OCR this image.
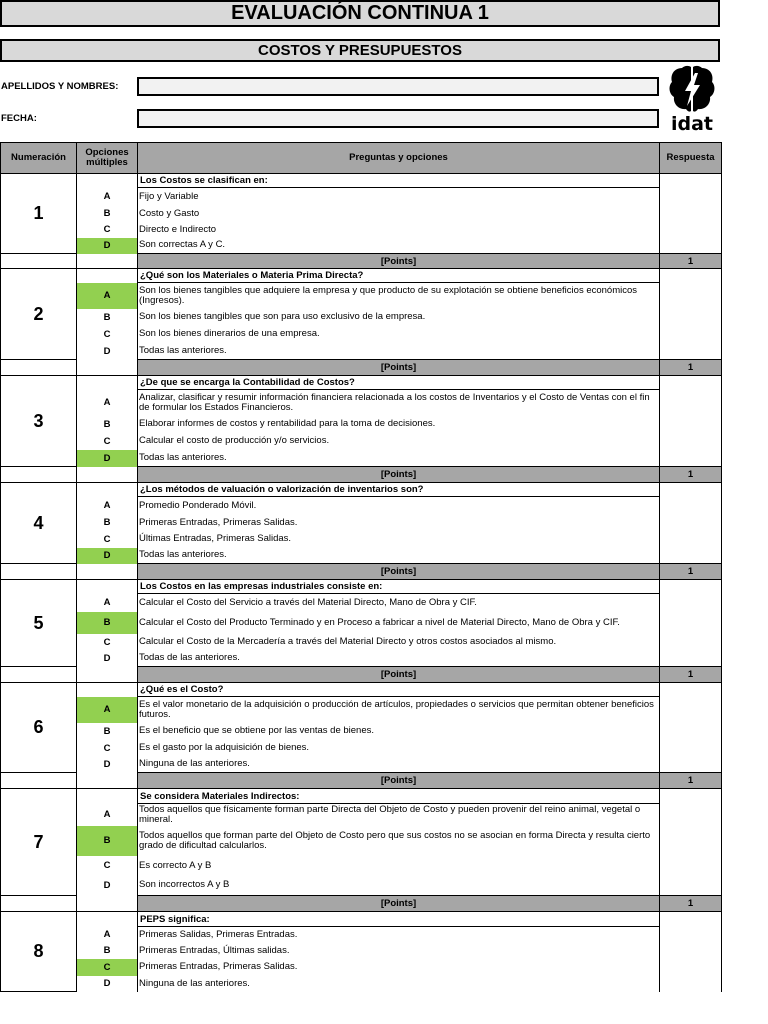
EVALUACIÓN CONTINUA 1
COSTOS Y PRESUPUESTOS
APELLIDOS Y NOMBRES:
FECHA:	idat
Numeración	Opciones múltiples	Preguntas y opciones	Respuesta
1		Los Costos se clasifican en:	
	A	Fijo y Variable	
	B	Costo y Gasto	
	C	Directo e Indirecto	
	D	Son correctas A y C.	
		[Points]	1
2		¿Qué son los Materiales o Materia Prima Directa?	
	A	Son los bienes tangibles que adquiere la empresa y que producto de su explotación se obtiene beneficios económicos (Ingresos).	
	B	Son los bienes tangibles que son para uso exclusivo de la empresa.	
	C	Son los bienes dinerarios de una empresa.	
	D	Todas las anteriores.	
		[Points]	1
3		¿De que se encarga la Contabilidad de Costos?	
	A	Analizar, clasificar y resumir información financiera relacionada a los costos de Inventarios y el Costo de Ventas con el fin de formular los Estados Financieros.	
	B	Elaborar informes de costos y rentabilidad para la toma de decisiones.	
	C	Calcular el costo de producción y/o servicios.	
	D	Todas las anteriores.	
		[Points]	1
4		¿Los métodos de valuación o valorización de inventarios son?	
	A	Promedio Ponderado Móvil.	
	B	Primeras Entradas, Primeras Salidas.	
	C	Últimas Entradas, Primeras Salidas.	
	D	Todas las anteriores.	
		[Points]	1
5		Los Costos en las empresas industriales consiste en:	
	A	Calcular el Costo del Servicio a través del Material Directo, Mano de Obra y CIF.	
	B	Calcular el Costo del Producto Terminado y en Proceso a fabricar a nivel de Material Directo, Mano de Obra y CIF.	
	C	Calcular el Costo de la Mercadería a través del Material Directo y otros costos asociados al mismo.	
	D	Todas de las anteriores.	
		[Points]	1
6		¿Qué es el Costo?	
	A	Es el valor monetario de la adquisición o producción de artículos, propiedades o servicios que permitan obtener beneficios futuros.	
	B	Es el beneficio que se obtiene por las ventas de bienes.	
	C	Es el gasto por la adquisición de bienes.	
	D	Ninguna de las anteriores.	
		[Points]	1
7		Se considera Materiales Indirectos:	
	A	Todos aquellos que físicamente forman parte Directa del Objeto de Costo y pueden provenir del reino animal, vegetal o mineral.	
	B	Todos aquellos que forman parte del Objeto de Costo pero que sus costos no se asocian en forma Directa y resulta cierto grado de dificultad calcularlos.	
	C	Es correcto A y B	
	D	Son incorrectos A y B	
		[Points]	1
8		PEPS significa:	
	A	Primeras Salidas, Primeras Entradas.	
	B	Primeras Entradas, Últimas salidas.	
	C	Primeras Entradas, Primeras Salidas.	
	D	Ninguna de las anteriores.	
